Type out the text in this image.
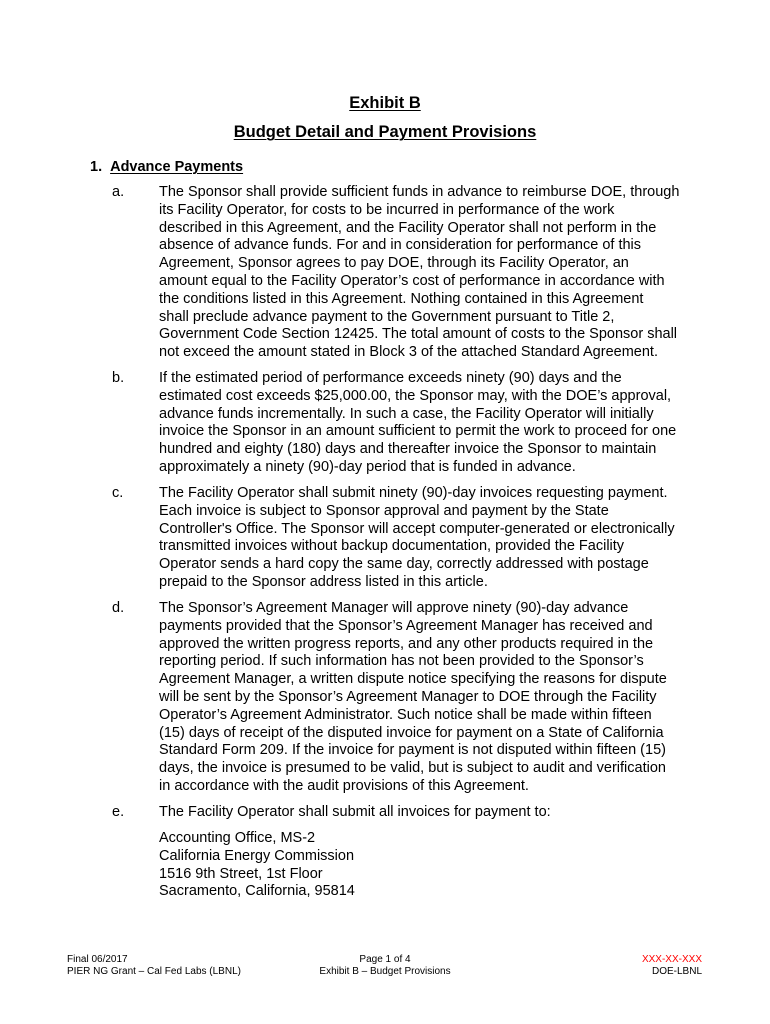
Exhibit B
Budget Detail and Payment Provisions
1. Advance Payments
a. The Sponsor shall provide sufficient funds in advance to reimburse DOE, through
its Facility Operator, for costs to be incurred in performance of the work
described in this Agreement, and the Facility Operator shall not perform in the
absence of advance funds. For and in consideration for performance of this
Agreement, Sponsor agrees to pay DOE, through its Facility Operator, an
amount equal to the Facility Operator’s cost of performance in accordance with
the conditions listed in this Agreement. Nothing contained in this Agreement
shall preclude advance payment to the Government pursuant to Title 2,
Government Code Section 12425. The total amount of costs to the Sponsor shall
not exceed the amount stated in Block 3 of the attached Standard Agreement.
b. If the estimated period of performance exceeds ninety (90) days and the
estimated cost exceeds $25,000.00, the Sponsor may, with the DOE’s approval,
advance funds incrementally. In such a case, the Facility Operator will initially
invoice the Sponsor in an amount sufficient to permit the work to proceed for one
hundred and eighty (180) days and thereafter invoice the Sponsor to maintain
approximately a ninety (90)-day period that is funded in advance.
c. The Facility Operator shall submit ninety (90)-day invoices requesting payment.
Each invoice is subject to Sponsor approval and payment by the State
Controller's Office. The Sponsor will accept computer-generated or electronically
transmitted invoices without backup documentation, provided the Facility
Operator sends a hard copy the same day, correctly addressed with postage
prepaid to the Sponsor address listed in this article.
d. The Sponsor’s Agreement Manager will approve ninety (90)-day advance
payments provided that the Sponsor’s Agreement Manager has received and
approved the written progress reports, and any other products required in the
reporting period. If such information has not been provided to the Sponsor’s
Agreement Manager, a written dispute notice specifying the reasons for dispute
will be sent by the Sponsor’s Agreement Manager to DOE through the Facility
Operator’s Agreement Administrator. Such notice shall be made within fifteen
(15) days of receipt of the disputed invoice for payment on a State of California
Standard Form 209. If the invoice for payment is not disputed within fifteen (15)
days, the invoice is presumed to be valid, but is subject to audit and verification
in accordance with the audit provisions of this Agreement.
e. The Facility Operator shall submit all invoices for payment to:
Accounting Office, MS-2
California Energy Commission
1516 9th Street, 1st Floor
Sacramento, California, 95814
Final 06/2017
PIER NG Grant – Cal Fed Labs (LBNL)
Page 1 of 4
Exhibit B – Budget Provisions
XXX-XX-XXX
DOE-LBNL
